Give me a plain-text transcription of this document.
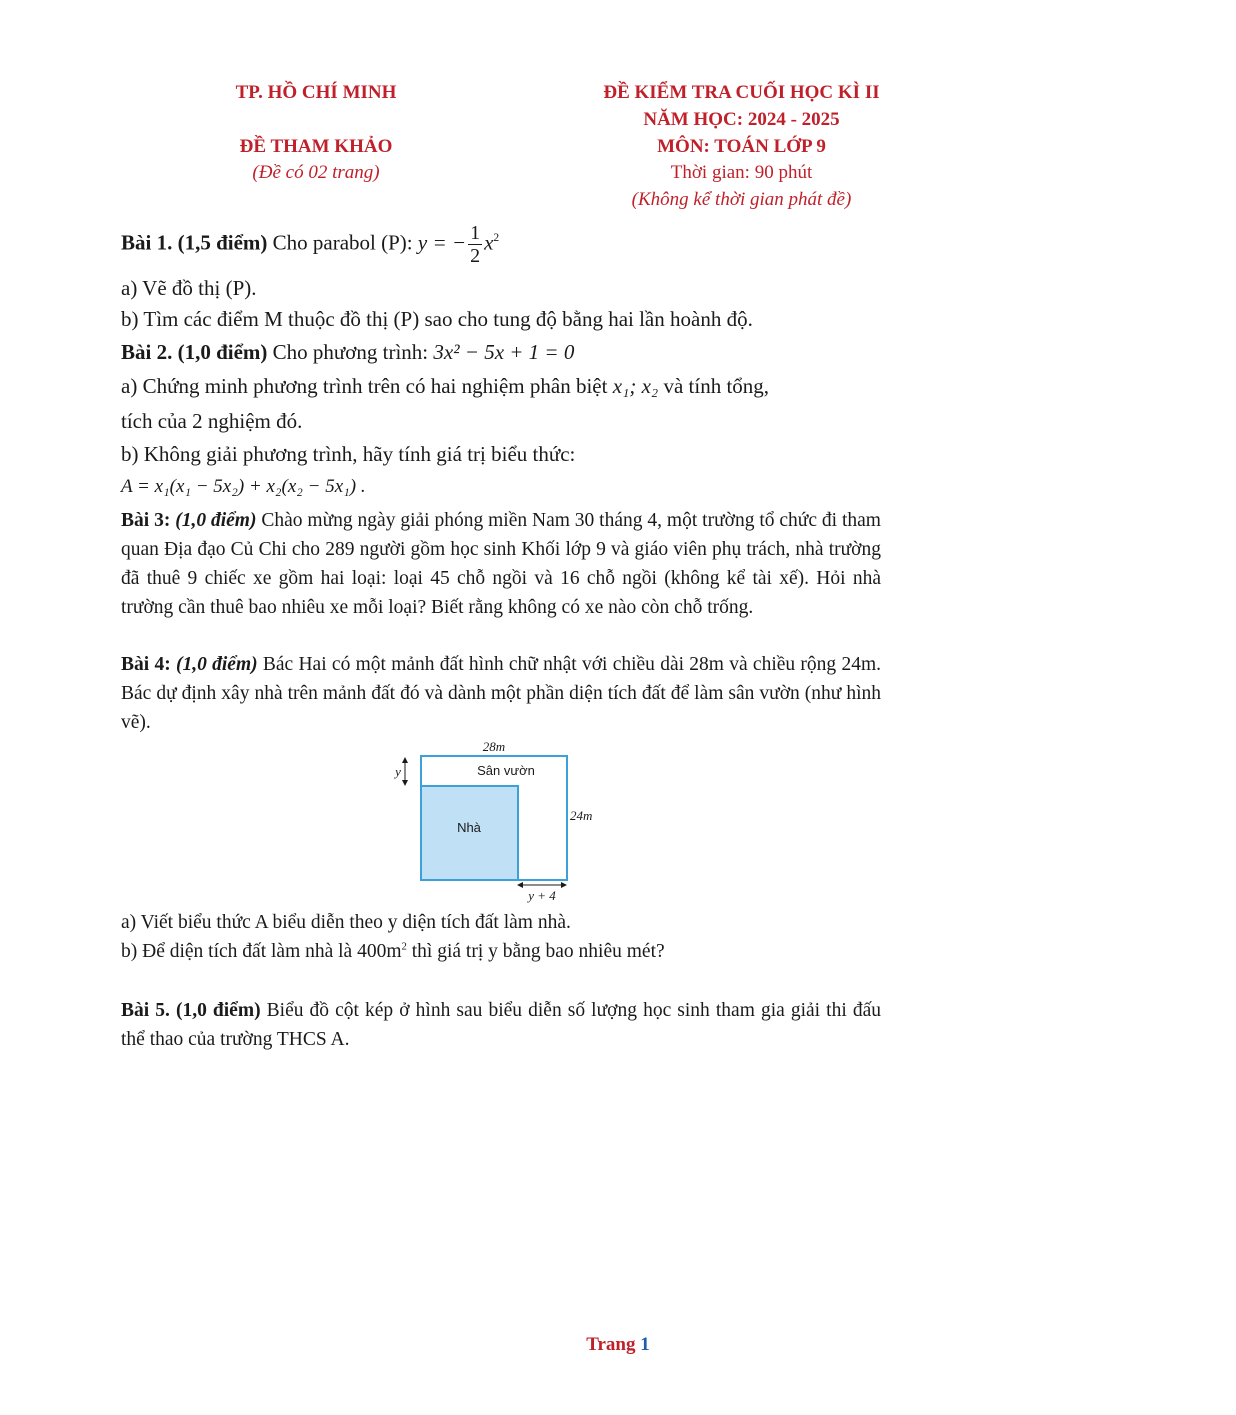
TP. HỒ CHÍ MINH
ĐỀ THAM KHẢO
(Đề có 02 trang)
ĐỀ KIỂM TRA CUỐI HỌC KÌ II
NĂM HỌC: 2024 - 2025
MÔN: TOÁN LỚP 9
Thời gian: 90 phút
(Không kể thời gian phát đề)
Bài 1. (1,5 điểm) Cho parabol (P): y = − $\frac{1}{2} x^2$
a) Vẽ đồ thị (P).
b) Tìm các điểm M thuộc đồ thị (P) sao cho tung độ bằng hai lần hoành độ.
Bài 2. (1,0 điểm) Cho phương trình: 3x² − 5x + 1 = 0
a) Chứng minh phương trình trên có hai nghiệm phân biệt x₁; x₂ và tính tổng,
tích của 2 nghiệm đó.
b) Không giải phương trình, hãy tính giá trị biểu thức:
A = x₁(x₁ − 5x₂) + x₂(x₂ − 5x₁) .
Bài 3: (1,0 điểm) Chào mừng ngày giải phóng miền Nam 30 tháng 4, một trường tổ chức đi tham quan Địa đạo Củ Chi cho 289 người gồm học sinh Khối lớp 9 và giáo viên phụ trách, nhà trường đã thuê 9 chiếc xe gồm hai loại: loại 45 chỗ ngồi và 16 chỗ ngồi (không kể tài xế). Hỏi nhà trường cần thuê bao nhiêu xe mỗi loại? Biết rằng không có xe nào còn chỗ trống.
Bài 4: (1,0 điểm) Bác Hai có một mảnh đất hình chữ nhật với chiều dài 28m và chiều rộng 24m. Bác dự định xây nhà trên mảnh đất đó và dành một phần diện tích đất để làm sân vườn (như hình vẽ).
28m
24m
y
y + 4
Sân vườn
Nhà
a) Viết biểu thức A biểu diễn theo y diện tích đất làm nhà.
b) Để diện tích đất làm nhà là $400m^2$ thì giá trị y bằng bao nhiêu mét?
Bài 5. (1,0 điểm) Biểu đồ cột kép ở hình sau biểu diễn số lượng học sinh tham gia giải thi đấu thể thao của trường THCS A.
Trang 1
